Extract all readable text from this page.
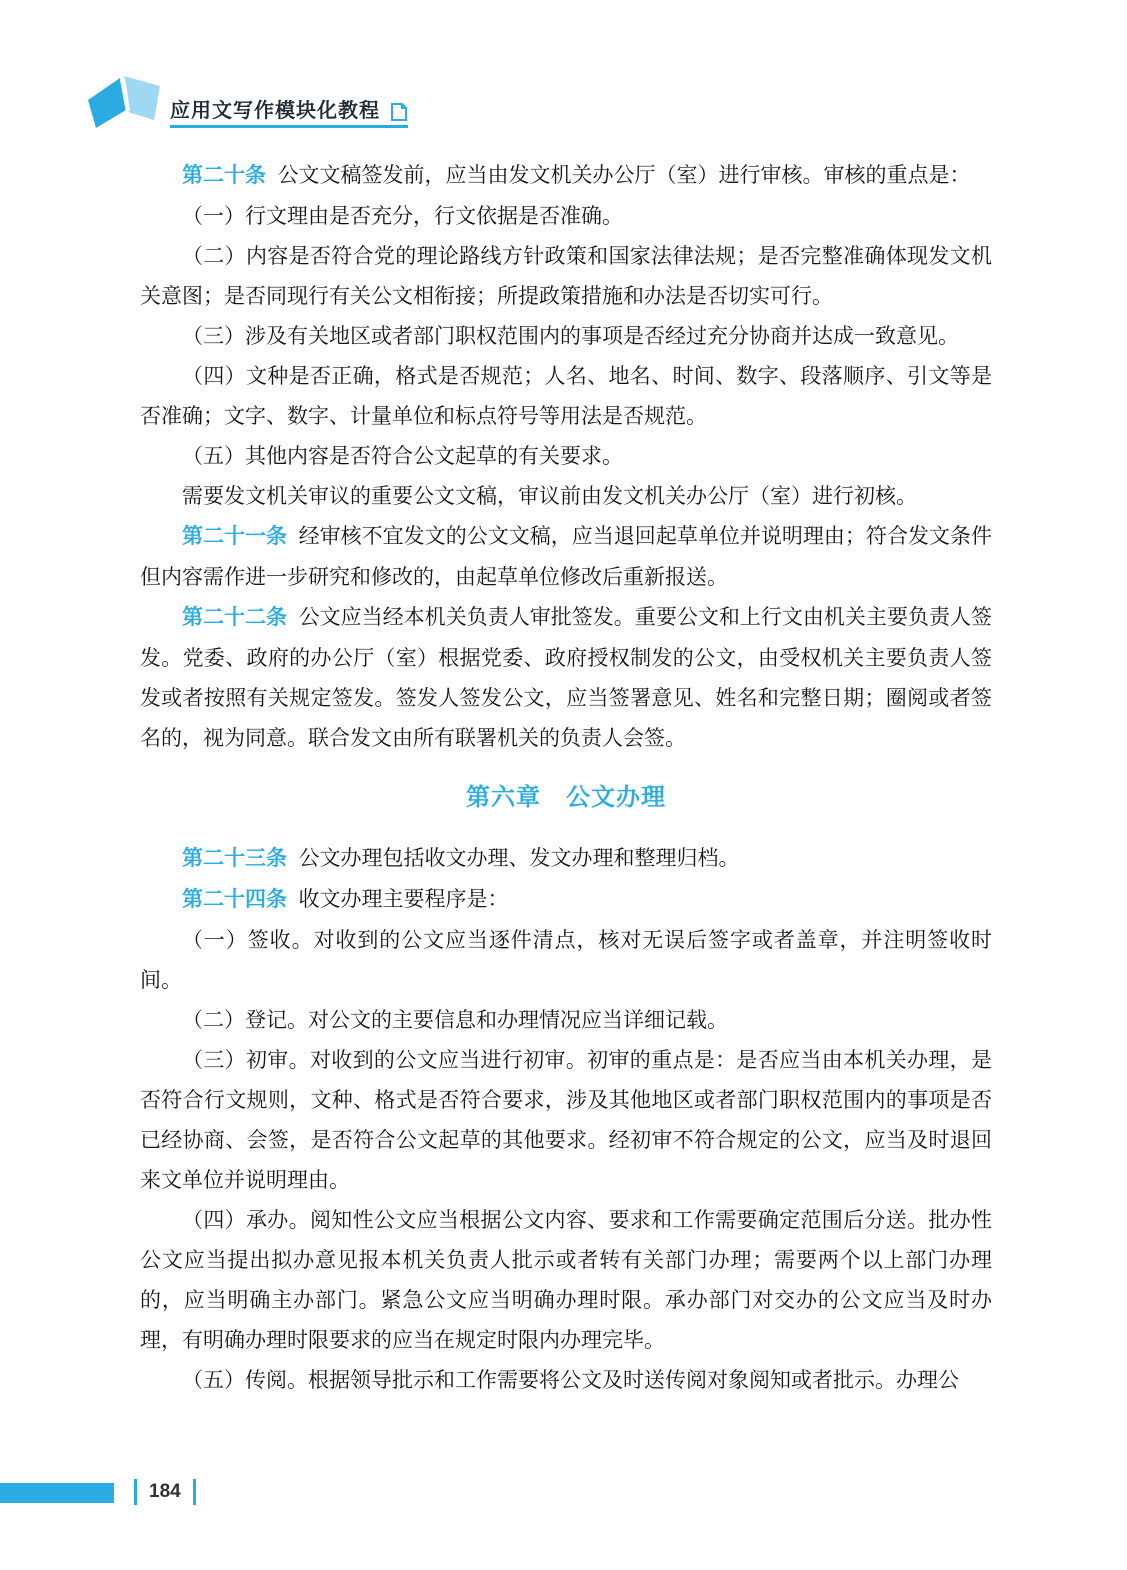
应用文写作模块化教程

第二十条 公文文稿签发前，应当由发文机关办公厅（室）进行审核。审核的重点是：

（一）行文理由是否充分，行文依据是否准确。

（二）内容是否符合党的理论路线方针政策和国家法律法规；是否完整准确体现发文机关意图；是否同现行有关公文相衔接；所提政策措施和办法是否切实可行。

（三）涉及有关地区或者部门职权范围内的事项是否经过充分协商并达成一致意见。

（四）文种是否正确，格式是否规范；人名、地名、时间、数字、段落顺序、引文等是否准确；文字、数字、计量单位和标点符号等用法是否规范。

（五）其他内容是否符合公文起草的有关要求。

需要发文机关审议的重要公文文稿，审议前由发文机关办公厅（室）进行初核。

第二十一条 经审核不宜发文的公文文稿，应当退回起草单位并说明理由；符合发文条件但内容需作进一步研究和修改的，由起草单位修改后重新报送。

第二十二条 公文应当经本机关负责人审批签发。重要公文和上行文由机关主要负责人签发。党委、政府的办公厅（室）根据党委、政府授权制发的公文，由受权机关主要负责人签发或者按照有关规定签发。签发人签发公文，应当签署意见、姓名和完整日期；圈阅或者签名的，视为同意。联合发文由所有联署机关的负责人会签。

第六章　公文办理

第二十三条 公文办理包括收文办理、发文办理和整理归档。

第二十四条 收文办理主要程序是：

（一）签收。对收到的公文应当逐件清点，核对无误后签字或者盖章，并注明签收时间。

（二）登记。对公文的主要信息和办理情况应当详细记载。

（三）初审。对收到的公文应当进行初审。初审的重点是：是否应当由本机关办理，是否符合行文规则，文种、格式是否符合要求，涉及其他地区或者部门职权范围内的事项是否已经协商、会签，是否符合公文起草的其他要求。经初审不符合规定的公文，应当及时退回来文单位并说明理由。

（四）承办。阅知性公文应当根据公文内容、要求和工作需要确定范围后分送。批办性公文应当提出拟办意见报本机关负责人批示或者转有关部门办理；需要两个以上部门办理的，应当明确主办部门。紧急公文应当明确办理时限。承办部门对交办的公文应当及时办理，有明确办理时限要求的应当在规定时限内办理完毕。

（五）传阅。根据领导批示和工作需要将公文及时送传阅对象阅知或者批示。办理公

184
